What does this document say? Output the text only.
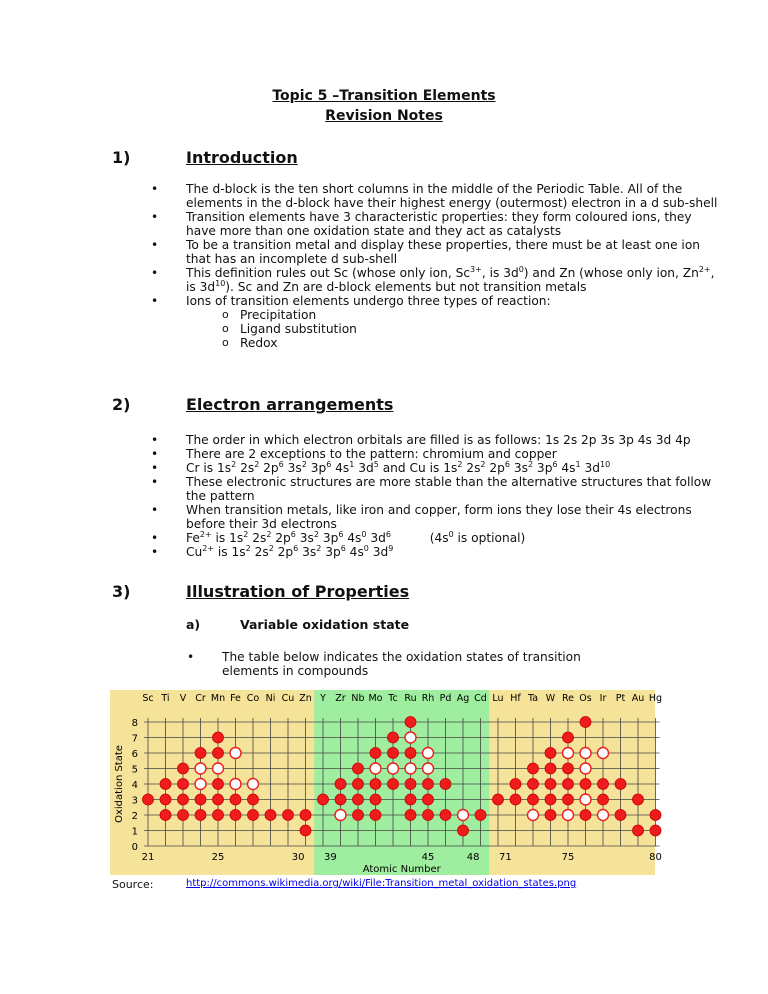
Topic 5 –Transition Elements
Revision Notes
1)	Introduction
• The d-block is the ten short columns in the middle of the Periodic Table. All of the elements in the d-block have their highest energy (outermost) electron in a d sub-shell
• Transition elements have 3 characteristic properties: they form coloured ions, they have more than one oxidation state and they act as catalysts
• To be a transition metal and display these properties, there must be at least one ion that has an incomplete d sub-shell
• This definition rules out Sc (whose only ion, $Sc^{3+}$, is $3d^0$) and Zn (whose only ion, $Zn^{2+}$, is $3d^{10}$). Sc and Zn are d-block elements but not transition metals
• Ions of transition elements undergo three types of reaction:
o Precipitation
o Ligand substitution
o Redox
2)	Electron arrangements
• The order in which electron orbitals are filled is as follows: 1s 2s 2p 3s 3p 4s 3d 4p
• There are 2 exceptions to the pattern: chromium and copper
• Cr is $1s^2$ $2s^2$ $2p^6$ $3s^2$ $3p^6$ $4s^1$ $3d^5$ and Cu is $1s^2$ $2s^2$ $2p^6$ $3s^2$ $3p^6$ $4s^1$ $3d^{10}$
• These electronic structures are more stable than the alternative structures that follow the pattern
• When transition metals, like iron and copper, form ions they lose their 4s electrons before their 3d electrons
• $Fe^{2+}$ is $1s^2$ $2s^2$ $2p^6$ $3s^2$ $3p^6$ $4s^0$ $3d^6$          ($4s^0$ is optional)
• $Cu^{2+}$ is $1s^2$ $2s^2$ $2p^6$ $3s^2$ $3p^6$ $4s^0$ $3d^9$
3)	Illustration of Properties
a)	Variable oxidation state
• The table below indicates the oxidation states of transition elements in compounds
0
1
2
3
4
5
6
7
8
Oxidation State
Sc Ti V Cr Mn Fe Co Ni Cu Zn Y Zr Nb Mo Tc Ru Rh Pd Ag Cd Lu Hf Ta W Re Os Ir Pt Au Hg
21	25	30 39	45	48 71	75	80
Atomic Number
Source:	http://commons.wikimedia.org/wiki/File:Transition_metal_oxidation_states.png
